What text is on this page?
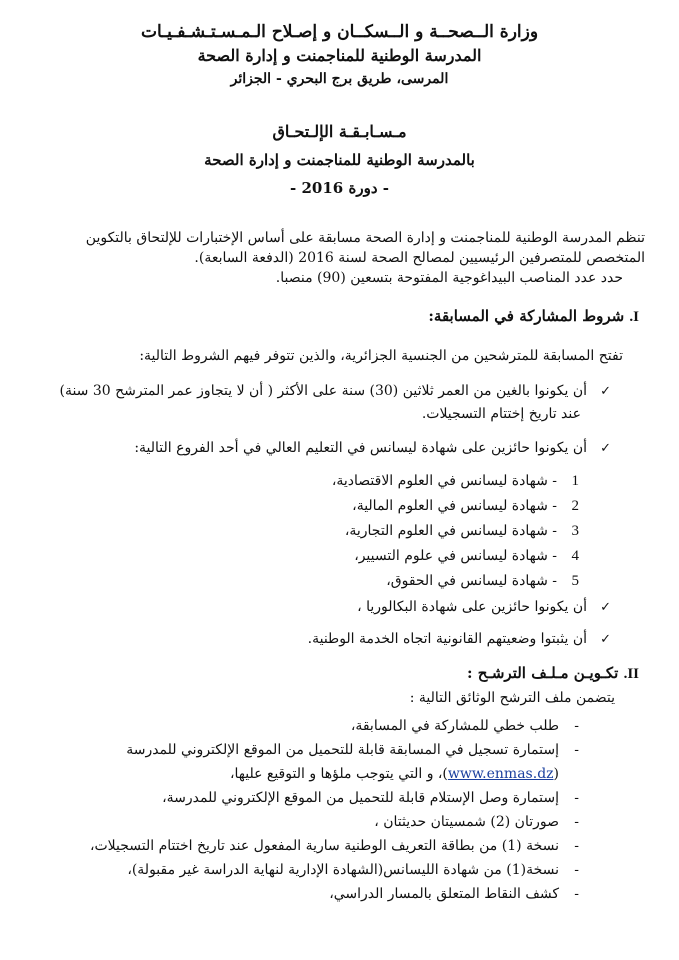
وزارة الــصحــة و الــسكــان و إصـلاح الـمـسـتـشـفـيـات
المدرسة الوطنية للمناجمنت و إدارة الصحة
المرسى، طريق برج البحري - الجزائر
مـسـابـقـة الإلـتحـاق
بالمدرسة الوطنية للمناجمنت و إدارة الصحة
- دورة 2016 -

تنظم المدرسة الوطنية للمناجمنت و إدارة الصحة مسابقة على أساس الإختبارات للإلتحاق بالتكوين المتخصص للمتصرفين الرئيسيين لمصالح الصحة لسنة 2016 (الدفعة السابعة).

حدد عدد المناصب البيداغوجية المفتوحة بتسعين (90) منصبا.

I. شروط المشاركة في المسابقة:
تفتح المسابقة للمترشحين من الجنسية الجزائرية، والذين تتوفر فيهم الشروط التالية:
✓أن يكونوا بالغين من العمر ثلاثين (30) سنة على الأكثر ( أن لا يتجاوز عمر المترشح 30 سنة)
عند تاريخ إختتام التسجيلات.
✓أن يكونوا حائزين على شهادة ليسانس في التعليم العالي في أحد الفروع التالية:
1- شهادة ليسانس في العلوم الاقتصادية،
2- شهادة ليسانس في العلوم المالية،
3- شهادة ليسانس في العلوم التجارية،
4- شهادة ليسانس في علوم التسيير،
5- شهادة ليسانس في الحقوق،
✓أن يكونوا حائزين على شهادة البكالوريا ،
✓أن يثبتوا وضعيتهم القانونية اتجاه الخدمة الوطنية.
II. تكـويـن مـلـف الترشـح :
يتضمن ملف الترشح الوثائق التالية :
- طلب خطي للمشاركة في المسابقة،
- إستمارة تسجيل في المسابقة قابلة للتحميل من الموقع الإلكتروني للمدرسة
(www.enmas.dz)، و التي يتوجب ملؤها و التوقيع عليها،
- إستمارة وصل الإستلام قابلة للتحميل من الموقع الإلكتروني للمدرسة،
- صورتان (2) شمسيتان حديثتان ،
- نسخة (1) من بطاقة التعريف الوطنية سارية المفعول عند تاريخ اختتام التسجيلات،
- نسخة(1) من شهادة الليسانس(الشهادة الإدارية لنهاية الدراسة غير مقبولة)،
- كشف النقاط المتعلق بالمسار الدراسي،
